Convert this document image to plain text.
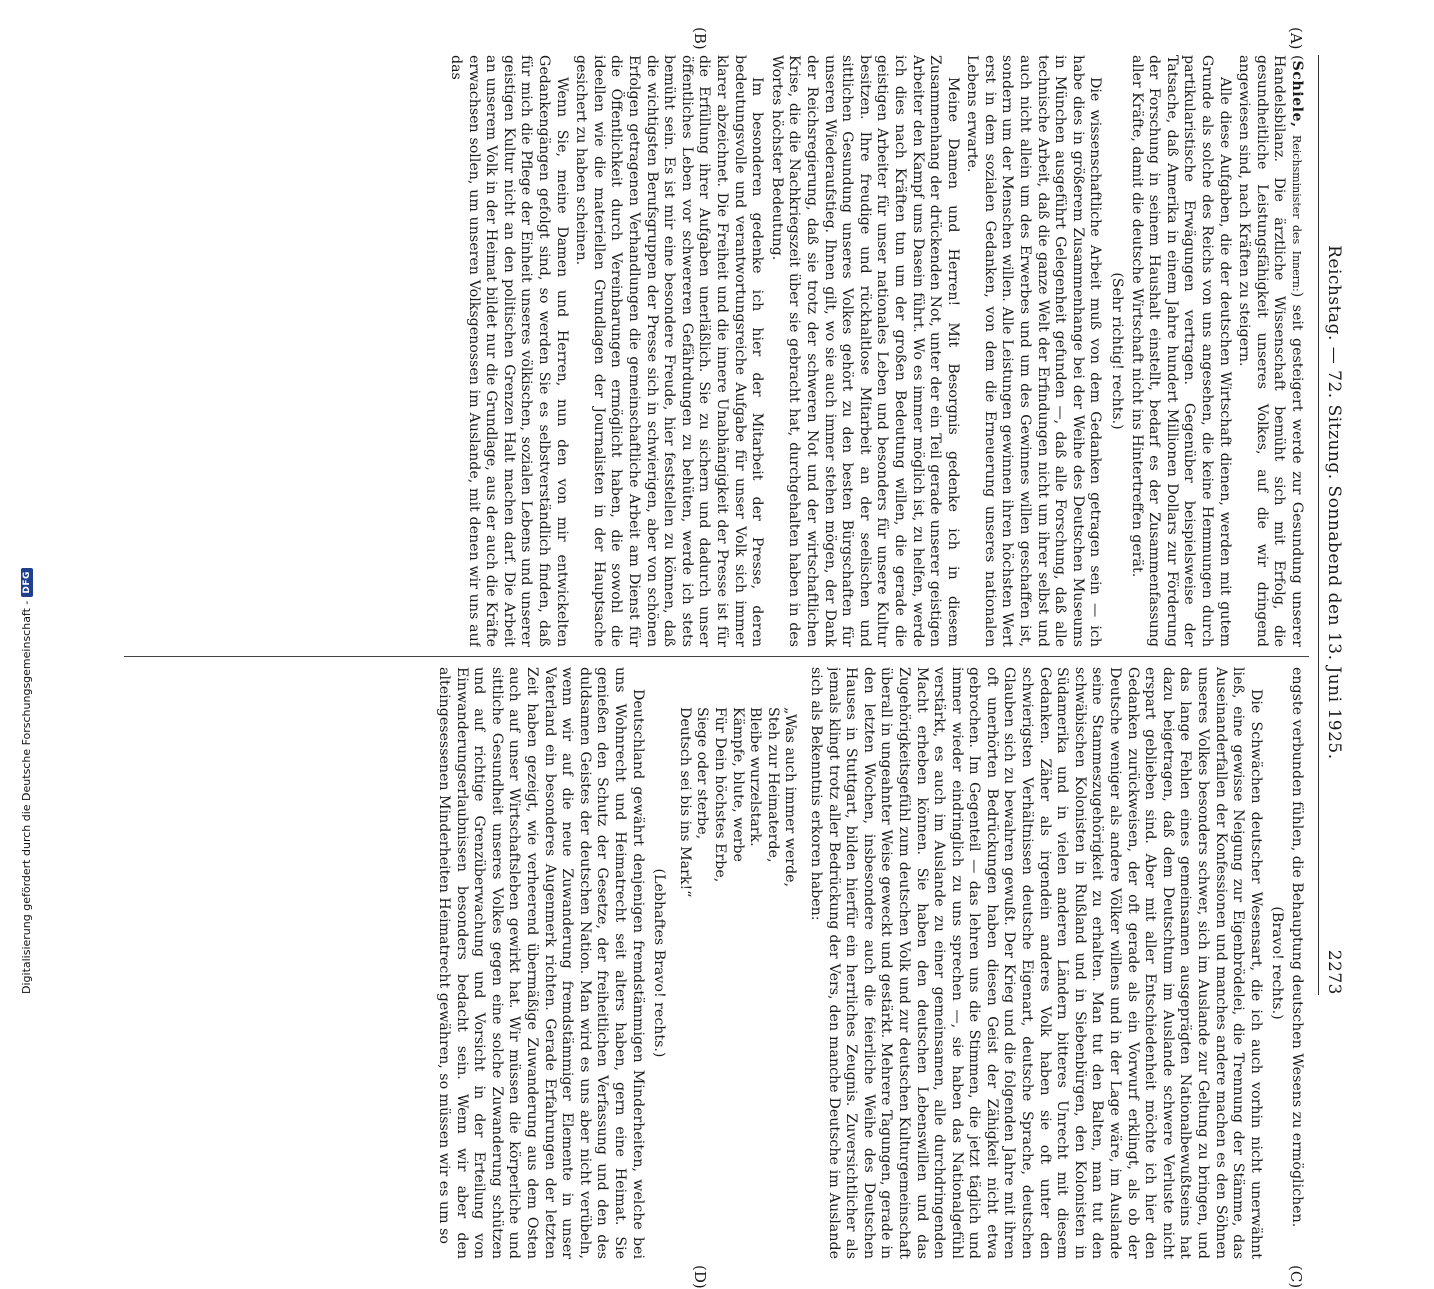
Reichstag. — 72. Sitzung. Sonnabend den 13. Juni 1925.
2273
(A)
(B)
(C)
(D)

(Schiele, Reichsminister des Innern:) seit gesteigert werde zur Gesundung unserer Handelsbilanz. Die ärztliche Wissenschaft bemüht sich mit Erfolg, die gesundheitliche Leistungsfähigkeit unseres Volkes, auf die wir dringend angewiesen sind, nach Kräften zu steigern.

Alle diese Aufgaben, die der deutschen Wirtschaft dienen, werden mit gutem Grunde als solche des Reichs von uns angesehen, die keine Hemmungen durch partikularistische Erwägungen vertragen. Gegenüber beispielsweise der Tatsache, daß Amerika in einem Jahre hundert Millionen Dollars zur Förderung der Forschung in seinem Haushalt einstellt, bedarf es der Zusammenfassung aller Kräfte, damit die deutsche Wirtschaft nicht ins Hintertreffen gerät.

(Sehr richtig! rechts.)

Die wissenschaftliche Arbeit muß von dem Gedanken getragen sein — ich habe dies in größerem Zusammenhange bei der Weihe des Deutschen Museums in München ausgeführt Gelegenheit gefunden —, daß alle Forschung, daß alle technische Arbeit, daß die ganze Welt der Erfindungen nicht um ihrer selbst und auch nicht allein um des Erwerbes und um des Gewinnes willen geschaffen ist, sondern um der Menschen willen. Alle Leistungen gewinnen ihren höchsten Wert erst in dem sozialen Gedanken, von dem die Erneuerung unseres nationalen Lebens erwarte.

Meine Damen und Herren! Mit Besorgnis gedenke ich in diesem Zusammenhang der drückenden Not, unter der ein Teil gerade unserer geistigen Arbeiter den Kampf ums Dasein führt. Wo es immer möglich ist, zu helfen, werde ich dies nach Kräften tun um der großen Bedeutung willen, die gerade die geistigen Arbeiter für unser nationales Leben und besonders für unsere Kultur besitzen. Ihre freudige und rückhaltlose Mitarbeit an der seelischen und sittlichen Gesundung unseres Volkes gehört zu den besten Bürgschaften für unseren Wiederaufstieg. Ihnen gilt, wo sie auch immer stehen mögen, der Dank der Reichsregierung, daß sie trotz der schweren Not und der wirtschaftlichen Krise, die die Nachkriegszeit über sie gebracht hat, durchgehalten haben in des Wortes höchster Bedeutung.

Im besonderen gedenke ich hier der Mitarbeit der Presse, deren bedeutungsvolle und verantwortungsreiche Aufgabe für unser Volk sich immer klarer abzeichnet. Die Freiheit und die innere Unabhängigkeit der Presse ist für die Erfüllung ihrer Aufgaben unerläßlich. Sie zu sichern und dadurch unser öffentliches Leben vor schwereren Gefährdungen zu behüten, werde ich stets bemüht sein. Es ist mir eine besondere Freude, hier feststellen zu können, daß die wichtigsten Berufsgruppen der Presse sich in schwierigen, aber von schönen Erfolgen getragenen Verhandlungen die gemeinschaftliche Arbeit am Dienst für die Öffentlichkeit durch Vereinbarungen ermöglicht haben, die sowohl die ideellen wie die materiellen Grundlagen der Journalisten in der Hauptsache gesichert zu haben scheinen.

Wenn Sie, meine Damen und Herren, nun den von mir entwickelten Gedankengängen gefolgt sind, so werden Sie es selbstverständlich finden, daß für mich die Pflege der Einheit unseres völkischen, sozialen Lebens und unserer geistigen Kultur nicht an den politischen Grenzen Halt machen darf. Die Arbeit an unserem Volk in der Heimat bildet nur die Grundlage, aus der auch die Kräfte erwachsen sollen, um unseren Volksgenossen im Auslande, mit denen wir uns auf das

engste verbunden fühlen, die Behauptung deutschen Wesens zu ermöglichen.

(Bravo! rechts.)

Die Schwächen deutscher Wesensart, die ich auch vorhin nicht unerwähnt ließ, eine gewisse Neigung zur Eigenbrödelei, die Trennung der Stämme, das Auseinanderfallen der Konfessionen und manches andere machen es den Söhnen unseres Volkes besonders schwer, sich im Auslande zur Geltung zu bringen, und das lange Fehlen eines gemeinsamen ausgeprägten Nationalbewußtseins hat dazu beigetragen, daß dem Deutschtum im Auslande schwere Verluste nicht erspart geblieben sind. Aber mit aller Entschiedenheit möchte ich hier den Gedanken zurückweisen, der oft gerade als ein Vorwurf erklingt, als ob der Deutsche weniger als andere Völker willens und in der Lage wäre, im Auslande seine Stammeszugehörigkeit zu erhalten. Man tut den Balten, man tut den schwäbischen Kolonisten in Rußland und in Siebenbürgen, den Kolonisten in Südamerika und in vielen anderen Ländern bitteres Unrecht mit diesem Gedanken. Zäher als irgendein anderes Volk haben sie oft unter den schwierigsten Verhältnissen deutsche Eigenart, deutsche Sprache, deutschen Glauben sich zu bewahren gewußt. Der Krieg und die folgenden Jahre mit ihren oft unerhörten Bedrückungen haben diesen Geist der Zähigkeit nicht etwa gebrochen. Im Gegenteil — das lehren uns die Stimmen, die jetzt täglich und immer wieder eindringlich zu uns sprechen —, sie haben das Nationalgefühl verstärkt, es auch im Auslande zu einer gemeinsamen, alle durchdringenden Macht erheben können. Sie haben den deutschen Lebenswillen und das Zugehörigkeitsgefühl zum deutschen Volk und zur deutschen Kulturgemeinschaft überall in ungeahnter Weise geweckt und gestärkt. Mehrere Tagungen, gerade in den letzten Wochen, insbesondere auch die feierliche Weihe des Deutschen Hauses in Stuttgart, bilden hierfür ein herrliches Zeugnis. Zuversichtlicher als jemals klingt trotz aller Bedrückung der Vers, den manche Deutsche im Auslande sich als Bekenntnis erkoren haben:

„Was auch immer werde,
Steh zur Heimaterde,
Bleibe wurzelstark.
Kämpfe, blute, werbe
Für Dein höchstes Erbe,
Siege oder sterbe,
Deutsch sei bis ins Mark!“

(Lebhaftes Bravo! rechts.)

Deutschland gewährt denjenigen fremdstämmigen Minderheiten, welche bei uns Wohnrecht und Heimatrecht seit alters haben, gern eine Heimat. Sie genießen den Schutz der Gesetze, der freiheitlichen Verfassung und den des duldsamen Geistes der deutschen Nation. Man wird es uns aber nicht verübeln, wenn wir auf die neue Zuwanderung fremdstämmiger Elemente in unser Vaterland ein besonderes Augenmerk richten. Gerade Erfahrungen der letzten Zeit haben gezeigt, wie verheerend übermäßige Zuwanderung aus dem Osten auch auf unser Wirtschaftsleben gewirkt hat. Wir müssen die körperliche und sittliche Gesundheit unseres Volkes gegen eine solche Zuwanderung schützen und auf richtige Grenzüberwachung und Vorsicht in der Erteilung von Einwanderungserlaubnissen besonders bedacht sein. Wenn wir aber den alteingesessenen Minderheiten Heimatrecht gewähren, so müssen wir es um so

Digitalisierung gefördert durch die Deutsche Forschungsgemeinschaft -
DFG
